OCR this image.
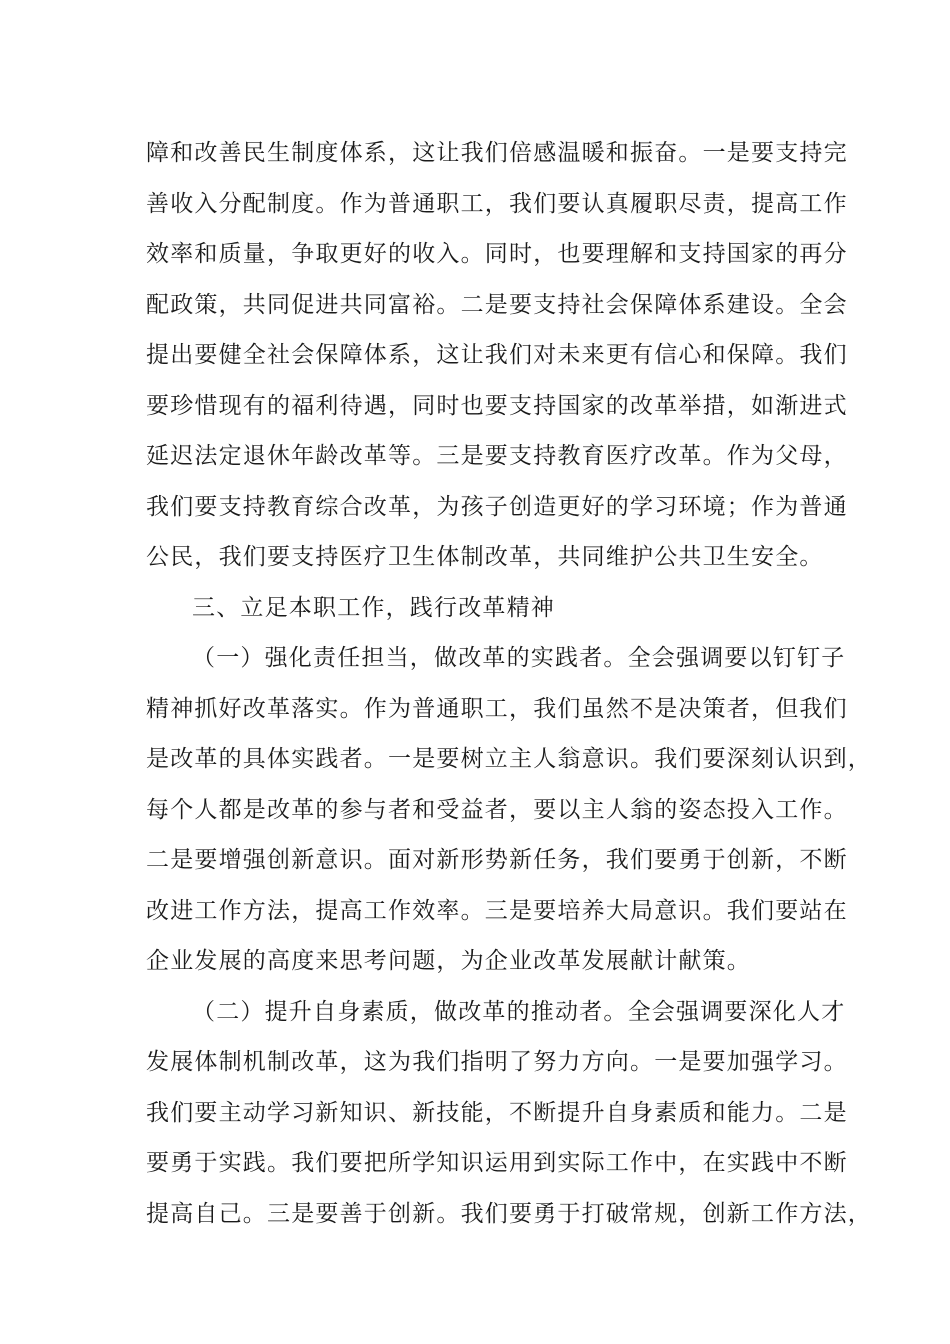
障和改善民生制度体系，这让我们倍感温暖和振奋。一是要支持完
善收入分配制度。作为普通职工，我们要认真履职尽责，提高工作
效率和质量，争取更好的收入。同时，也要理解和支持国家的再分
配政策，共同促进共同富裕。二是要支持社会保障体系建设。全会
提出要健全社会保障体系，这让我们对未来更有信心和保障。我们
要珍惜现有的福利待遇，同时也要支持国家的改革举措，如渐进式
延迟法定退休年龄改革等。三是要支持教育医疗改革。作为父母，
我们要支持教育综合改革，为孩子创造更好的学习环境；作为普通
公民，我们要支持医疗卫生体制改革，共同维护公共卫生安全。
三、立足本职工作，践行改革精神
（一）强化责任担当，做改革的实践者。全会强调要以钉钉子
精神抓好改革落实。作为普通职工，我们虽然不是决策者，但我们
是改革的具体实践者。一是要树立主人翁意识。我们要深刻认识到，
每个人都是改革的参与者和受益者，要以主人翁的姿态投入工作。
二是要增强创新意识。面对新形势新任务，我们要勇于创新，不断
改进工作方法，提高工作效率。三是要培养大局意识。我们要站在
企业发展的高度来思考问题，为企业改革发展献计献策。
（二）提升自身素质，做改革的推动者。全会强调要深化人才
发展体制机制改革，这为我们指明了努力方向。一是要加强学习。
我们要主动学习新知识、新技能，不断提升自身素质和能力。二是
要勇于实践。我们要把所学知识运用到实际工作中，在实践中不断
提高自己。三是要善于创新。我们要勇于打破常规，创新工作方法，
